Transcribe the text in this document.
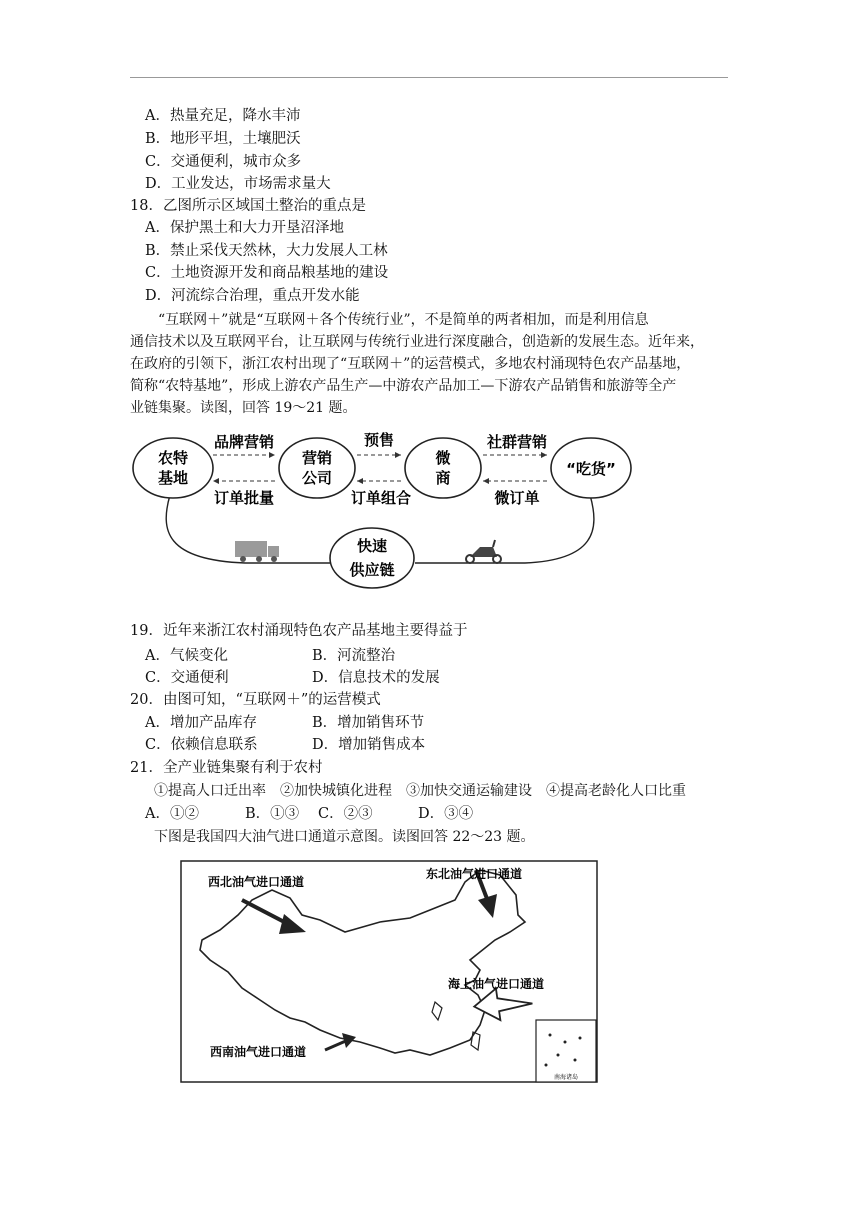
A．热量充足，降水丰沛
B．地形平坦，土壤肥沃
C．交通便利，城市众多
D．工业发达，市场需求量大
18．乙图所示区域国土整治的重点是
A．保护黑土和大力开垦沼泽地
B．禁止采伐天然林，大力发展人工林
C．土地资源开发和商品粮基地的建设
D．河流综合治理，重点开发水能

“互联网＋”就是“互联网＋各个传统行业”，不是简单的两者相加，而是利用信息

通信技术以及互联网平台，让互联网与传统行业进行深度融合，创造新的发展生态。近年来，

在政府的引领下，浙江农村出现了“互联网＋”的运营模式，多地农村涌现特色农产品基地，

简称“农特基地”，形成上游农产品生产—中游农产品加工—下游农产品销售和旅游等全产

业链集聚。读图，回答 19～21 题。

农特
基地
营销
公司
微
商	“吃货”
快速
供应链
品牌营销	预售	社群营销
订单批量	订单组合	微订单
19．近年来浙江农村涌现特色农产品基地主要得益于
A．气候变化	B．河流整治
C．交通便利	D．信息技术的发展
20．由图可知，“互联网＋”的运营模式
A．增加产品库存	B．增加销售环节
C．依赖信息联系	D．增加销售成本
21．全产业链集聚有利于农村
①提高人口迁出率　②加快城镇化进程　③加快交通运输建设　④提高老龄化人口比重
A．①②	B．①③ C．②③	D．③④
下图是我国四大油气进口通道示意图。读图回答 22～23 题。
南海诸岛
西北油气进口通道
东北油气进口通道
海上油气进口通道
西南油气进口通道
